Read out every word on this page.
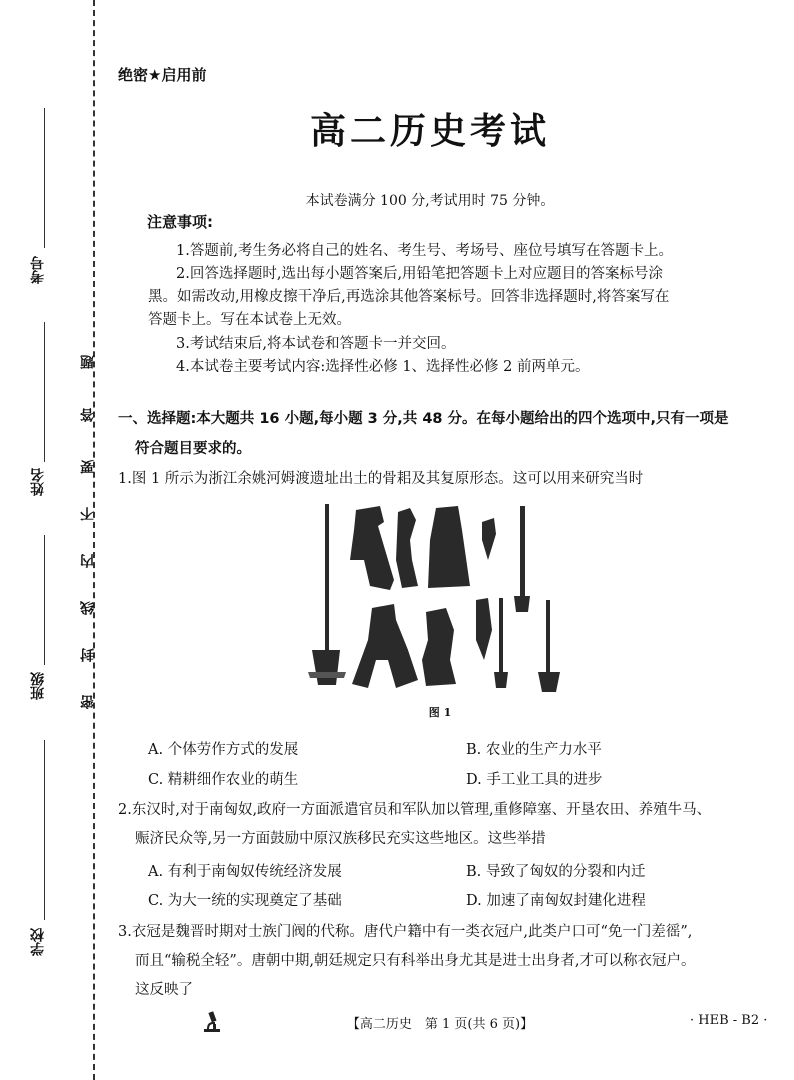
考号
姓名
班级
学校
密
封
线
内
不
要
答
题
绝密★启用前
高二历史考试
本试卷满分 100 分,考试用时 75 分钟。
注意事项:
1.答题前,考生务必将自己的姓名、考生号、考场号、座位号填写在答题卡上。
2.回答选择题时,选出每小题答案后,用铅笔把答题卡上对应题目的答案标号涂
黑。如需改动,用橡皮擦干净后,再选涂其他答案标号。回答非选择题时,将答案写在
答题卡上。写在本试卷上无效。
3.考试结束后,将本试卷和答题卡一并交回。
4.本试卷主要考试内容:选择性必修 1、选择性必修 2 前两单元。
一、选择题:本大题共 16 小题,每小题 3 分,共 48 分。在每小题给出的四个选项中,只有一项是
符合题目要求的。
1.图 1 所示为浙江余姚河姆渡遗址出土的骨耜及其复原形态。这可以用来研究当时
图 1
A. 个体劳作方式的发展	B. 农业的生产力水平
C. 精耕细作农业的萌生	D. 手工业工具的进步
2.东汉时,对于南匈奴,政府一方面派遣官员和军队加以管理,重修障塞、开垦农田、养殖牛马、
赈济民众等,另一方面鼓励中原汉族移民充实这些地区。这些举措
A. 有利于南匈奴传统经济发展	B. 导致了匈奴的分裂和内迁
C. 为大一统的实现奠定了基础	D. 加速了南匈奴封建化进程
3.衣冠是魏晋时期对士族门阀的代称。唐代户籍中有一类衣冠户,此类户口可“免一门差徭”,
而且“输税全轻”。唐朝中期,朝廷规定只有科举出身尤其是进士出身者,才可以称衣冠户。
这反映了
【高二历史　第 1 页(共 6 页)】	· HEB - B2 ·
